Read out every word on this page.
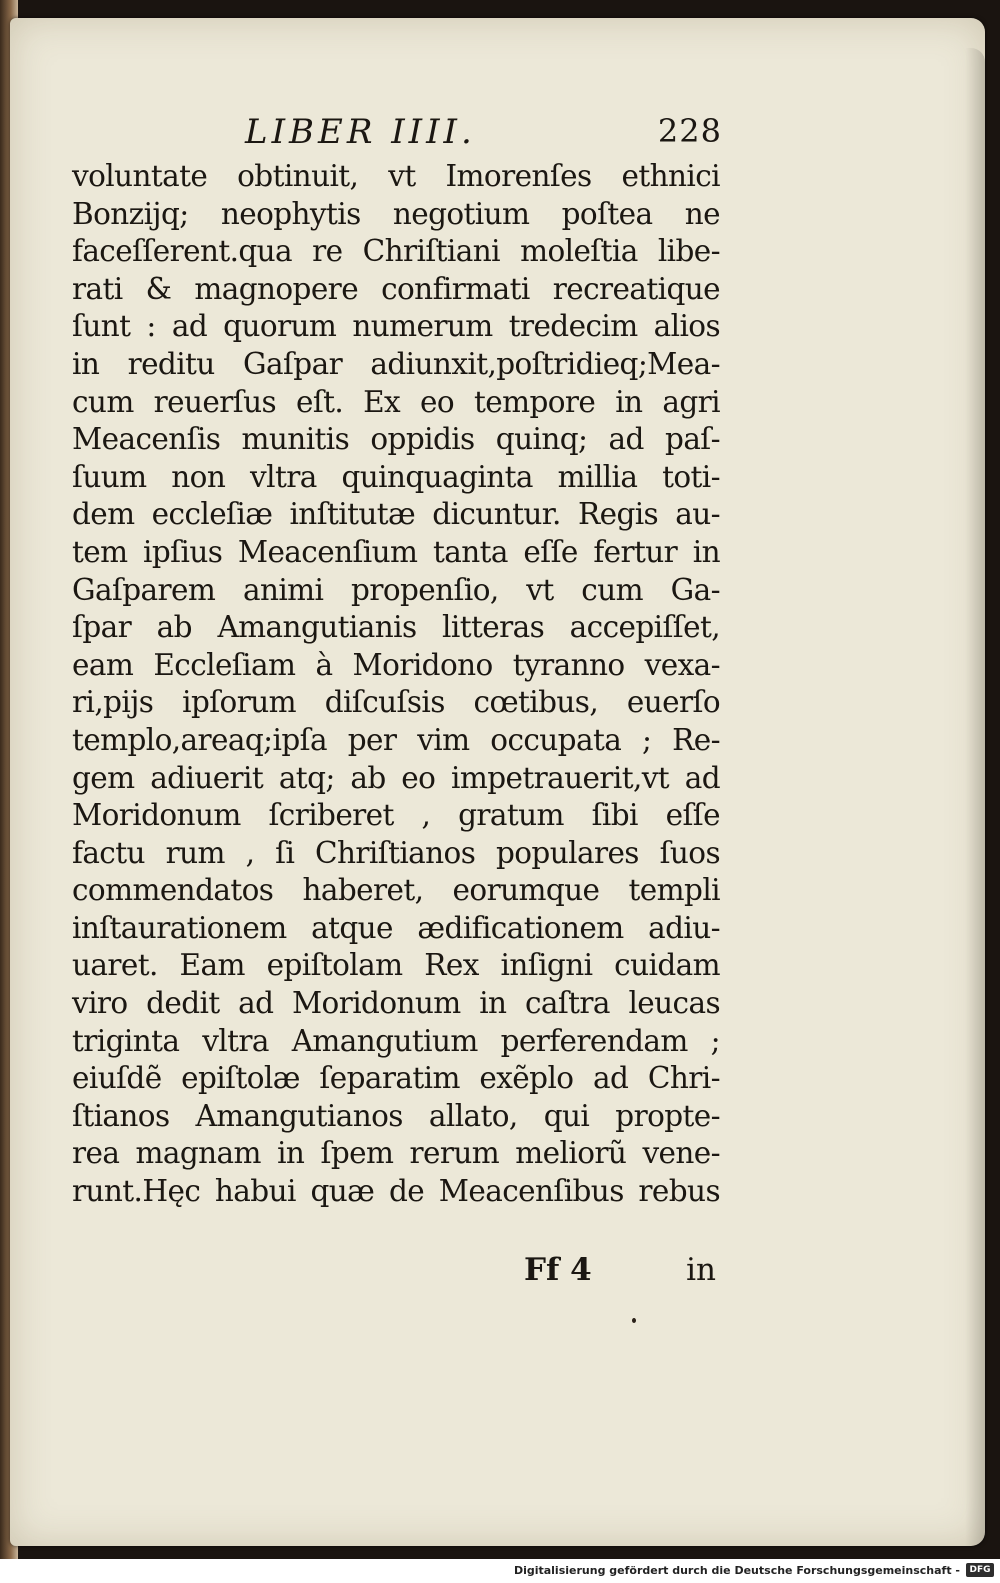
LIBER IIII.	228
voluntate obtinuit, vt Imorenſes ethnici
Bonzijq; neophytis negotium poſtea ne
faceſſerent.qua re Chriſtiani moleſtia libe-
rati & magnopere confirmati recreatique
ſunt : ad quorum numerum tredecim alios
in reditu Gaſpar adiunxit,poſtridieq;Mea-
cum reuerſus eſt. Ex eo tempore in agri
Meacenſis munitis oppidis quinq; ad paſ-
ſuum non vltra quinquaginta millia toti-
dem eccleſiæ inſtitutæ dicuntur. Regis au-
tem ipſius Meacenſium tanta eſſe fertur in
Gaſparem animi propenſio, vt cum Ga-
ſpar ab Amangutianis litteras accepiſſet,
eam Eccleſiam à Moridono tyranno vexa-
ri,pijs ipſorum diſcuſsis cœtibus, euerſo
templo,areaq;ipſa per vim occupata ; Re-
gem adiuerit atq; ab eo impetrauerit,vt ad
Moridonum ſcriberet , gratum ſibi eſſe
factu rum , ſi Chriſtianos populares ſuos
commendatos haberet, eorumque templi
inſtaurationem atque ædificationem adiu-
uaret. Eam epiſtolam Rex inſigni cuidam
viro dedit ad Moridonum in caſtra leucas
triginta vltra Amangutium perferendam ;
eiuſdẽ epiſtolæ ſeparatim exẽplo ad Chri-
ſtianos Amangutianos allato, qui propte-
rea magnam in ſpem rerum meliorũ vene-
runt.Hęc habui quæ de Meacenſibus rebus
Ff 4	in
Digitalisierung gefördert durch die Deutsche Forschungsgemeinschaft -	DFG
